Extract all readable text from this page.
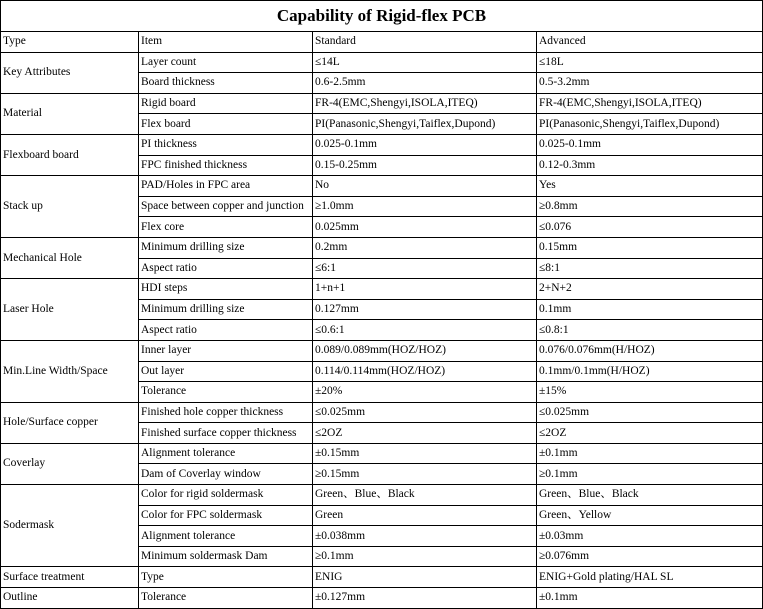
Capability of Rigid-flex PCB			
Type	Item	Standard	Advanced
Key Attributes	Layer count	≤14L	≤18L
	Board thickness	0.6-2.5mm	0.5-3.2mm
Material	Rigid board	FR-4(EMC,Shengyi,ISOLA,ITEQ)	FR-4(EMC,Shengyi,ISOLA,ITEQ)
	Flex board	PI(Panasonic,Shengyi,Taiflex,Dupond)	PI(Panasonic,Shengyi,Taiflex,Dupond)
Flexboard board	PI thickness	0.025-0.1mm	0.025-0.1mm
	FPC finished thickness	0.15-0.25mm	0.12-0.3mm
Stack up	PAD/Holes in FPC area	No	Yes
	Space between copper and junction	≥1.0mm	≥0.8mm
	Flex core	0.025mm	≤0.076
Mechanical Hole	Minimum drilling size	0.2mm	0.15mm
	Aspect ratio	≤6:1	≤8:1
Laser Hole	HDI steps	1+n+1	2+N+2
	Minimum drilling size	0.127mm	0.1mm
	Aspect ratio	≤0.6:1	≤0.8:1
Min.Line Width/Space	Inner layer	0.089/0.089mm(HOZ/HOZ)	0.076/0.076mm(H/HOZ)
	Out layer	0.114/0.114mm(HOZ/HOZ)	0.1mm/0.1mm(H/HOZ)
	Tolerance	±20%	±15%
Hole/Surface copper	Finished hole copper thickness	≤0.025mm	≤0.025mm
	Finished surface copper thickness	≤2OZ	≤2OZ
Coverlay	Alignment tolerance	±0.15mm	±0.1mm
	Dam of Coverlay window	≥0.15mm	≥0.1mm
Sodermask	Color for rigid soldermask	Green、Blue、Black	Green、Blue、Black
	Color for FPC soldermask	Green	Green、Yellow
	Alignment tolerance	±0.038mm	±0.03mm
	Minimum soldermask Dam	≥0.1mm	≥0.076mm
Surface treatment	Type	ENIG	ENIG+Gold plating/HAL SL
Outline	Tolerance	±0.127mm	±0.1mm
